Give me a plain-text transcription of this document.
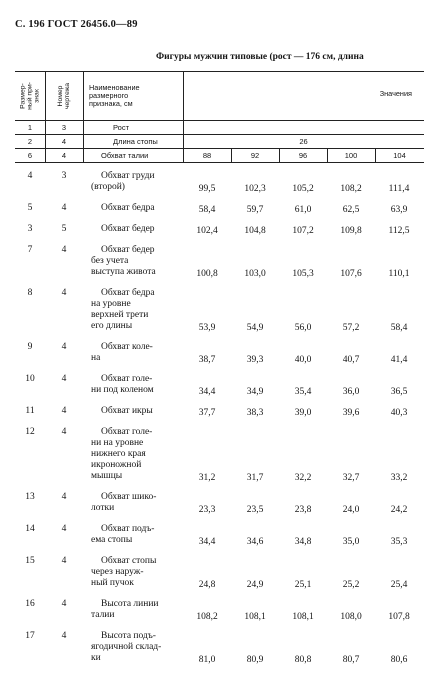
С. 196 ГОСТ 26456.0—89
Фигуры мужчин типовые (рост — 176 см, длина
Размер-
ный при-
знак Номер
чертежа	Наименование
размерного
признака, см
Значения
1	3	Рост
2	4	Длина стопы	26
6	4	Обхват талии	88	92	96	100	104
4	3	Обхват груди
(второй)	99,5	102,3	105,2	108,2	111,4
5	4	Обхват бедра	58,4	59,7	61,0	62,5	63,9
3	5	Обхват бедер	102,4	104,8	107,2	109,8	112,5
7	4	Обхват бедер
без учета
выступа живота	100,8	103,0	105,3	107,6	110,1
8	4	Обхват бедра
на уровне
верхней трети
его длины	53,9	54,9	56,0	57,2	58,4
9	4	Обхват коле-
на	38,7	39,3	40,0	40,7	41,4
10	4	Обхват голе-
ни под коленом	34,4	34,9	35,4	36,0	36,5
11	4	Обхват икры	37,7	38,3	39,0	39,6	40,3
12	4	Обхват голе-
ни на уровне
нижнего края
икроножной
мышцы	31,2	31,7	32,2	32,7	33,2
13	4	Обхват шико-
лотки	23,3	23,5	23,8	24,0	24,2
14	4	Обхват подъ-
ема стопы	34,4	34,6	34,8	35,0	35,3
15	4	Обхват стопы
через наруж-
ный пучок	24,8	24,9	25,1	25,2	25,4
16	4	Высота линии
талии	108,2	108,1	108,1	108,0	107,8
17	4	Высота подъ-
ягодичной склад-
ки	81,0	80,9	80,8	80,7	80,6
